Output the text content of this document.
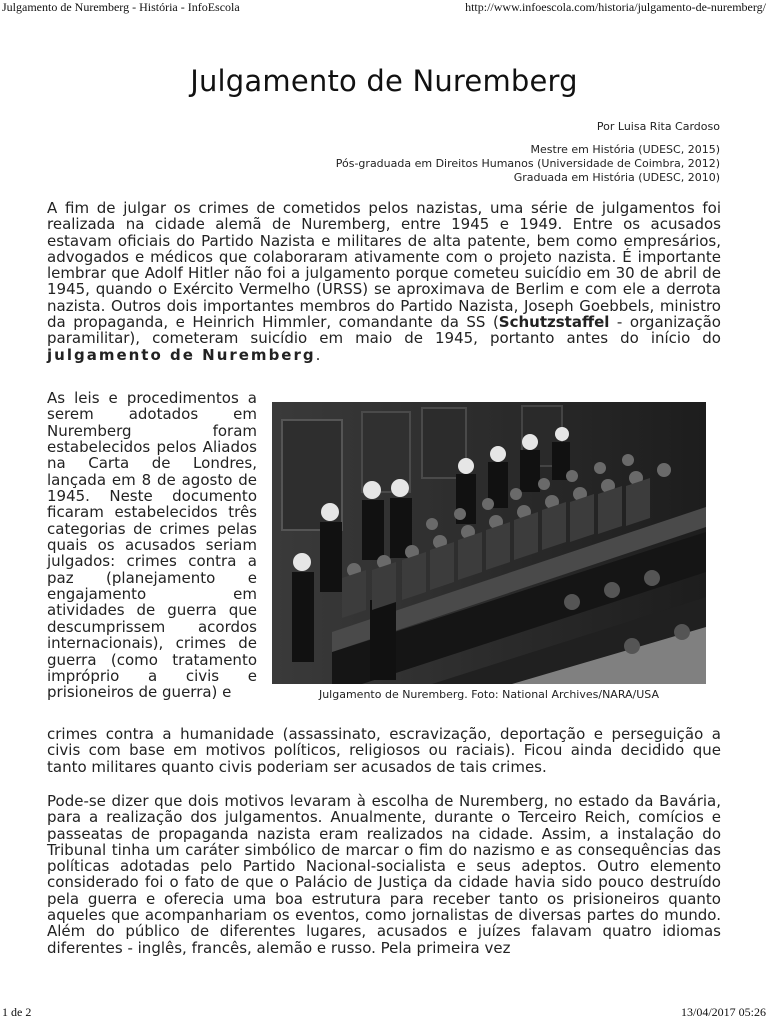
Julgamento de Nuremberg - História - InfoEscola	http://www.infoescola.com/historia/julgamento-de-nuremberg/
Julgamento de Nuremberg
Por Luisa Rita Cardoso
Mestre em História (UDESC, 2015)
Pós-graduada em Direitos Humanos (Universidade de Coimbra, 2012)
Graduada em História (UDESC, 2010)

A fim de julgar os crimes de cometidos pelos nazistas, uma série de julgamentos foi realizada na cidade alemã de Nuremberg, entre 1945 e 1949. Entre os acusados estavam oficiais do Partido Nazista e militares de alta patente, bem como empresários, advogados e médicos que colaboraram ativamente com o projeto nazista. É importante lembrar que Adolf Hitler não foi a julgamento porque cometeu suicídio em 30 de abril de 1945, quando o Exército Vermelho (URSS) se aproximava de Berlim e com ele a derrota nazista. Outros dois importantes membros do Partido Nazista, Joseph Goebbels, ministro da propaganda, e Heinrich Himmler, comandante da SS (Schutzstaffel - organização paramilitar), cometeram suicídio em maio de 1945, portanto antes do início do julgamento de Nuremberg.

As leis e procedimentos a serem adotados em Nuremberg foram estabelecidos pelos Aliados na Carta de Londres, lançada em 8 de agosto de 1945. Neste documento ficaram estabelecidos três categorias de crimes pelas quais os acusados seriam julgados: crimes contra a paz (planejamento e engajamento em atividades de guerra que descumprissem acordos internacionais), crimes de guerra (como tratamento impróprio a civis e prisioneiros de guerra) e	Julgamento de Nuremberg. Foto: National Archives/NARA/USA

crimes contra a humanidade (assassinato, escravização, deportação e perseguição a civis com base em motivos políticos, religiosos ou raciais). Ficou ainda decidido que tanto militares quanto civis poderiam ser acusados de tais crimes.

Pode-se dizer que dois motivos levaram à escolha de Nuremberg, no estado da Bavária, para a realização dos julgamentos. Anualmente, durante o Terceiro Reich, comícios e passeatas de propaganda nazista eram realizados na cidade. Assim, a instalação do Tribunal tinha um caráter simbólico de marcar o fim do nazismo e as consequências das políticas adotadas pelo Partido Nacional-socialista e seus adeptos. Outro elemento considerado foi o fato de que o Palácio de Justiça da cidade havia sido pouco destruído pela guerra e oferecia uma boa estrutura para receber tanto os prisioneiros quanto aqueles que acompanhariam os eventos, como jornalistas de diversas partes do mundo. Além do público de diferentes lugares, acusados e juízes falavam quatro idiomas diferentes - inglês, francês, alemão e russo. Pela primeira vez

1 de 2	13/04/2017 05:26
